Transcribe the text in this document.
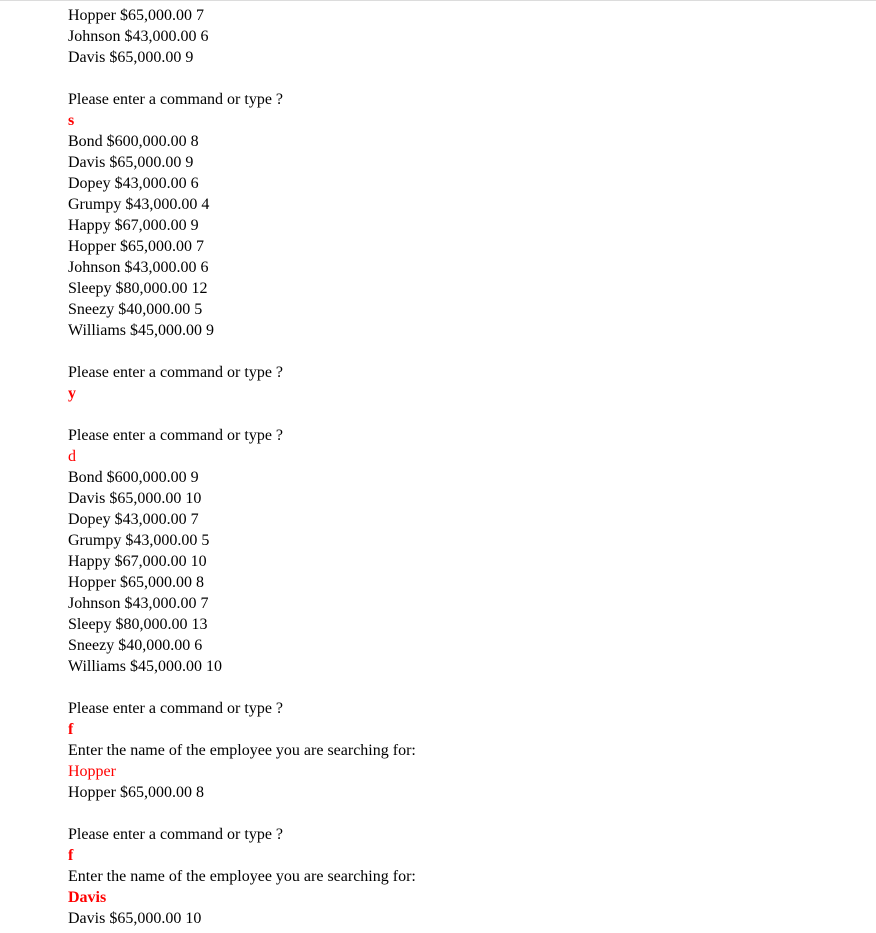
Hopper $65,000.00 7
Johnson $43,000.00 6
Davis $65,000.00 9
Please enter a command or type ?
s
Bond $600,000.00 8
Davis $65,000.00 9
Dopey $43,000.00 6
Grumpy $43,000.00 4
Happy $67,000.00 9
Hopper $65,000.00 7
Johnson $43,000.00 6
Sleepy $80,000.00 12
Sneezy $40,000.00 5
Williams $45,000.00 9
Please enter a command or type ?
y
Please enter a command or type ?
d
Bond $600,000.00 9
Davis $65,000.00 10
Dopey $43,000.00 7
Grumpy $43,000.00 5
Happy $67,000.00 10
Hopper $65,000.00 8
Johnson $43,000.00 7
Sleepy $80,000.00 13
Sneezy $40,000.00 6
Williams $45,000.00 10
Please enter a command or type ?
f
Enter the name of the employee you are searching for:
Hopper
Hopper $65,000.00 8
Please enter a command or type ?
f
Enter the name of the employee you are searching for:
Davis
Davis $65,000.00 10
